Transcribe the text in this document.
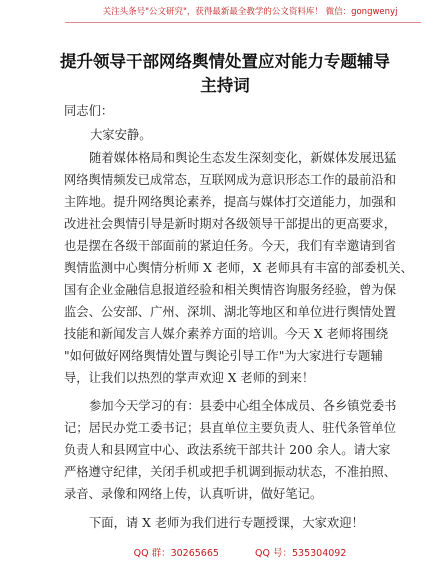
关注头条号"公文研究"，获得最新最全教学的公文资料库！ 微信：gongwenyj
提升领导干部网络舆情处置应对能力专题辅导
主持词
同志们：
大家安静。
随着媒体格局和舆论生态发生深刻变化，新媒体发展迅猛
网络舆情频发已成常态，互联网成为意识形态工作的最前沿和
主阵地。提升网络舆论素养，提高与媒体打交道能力，加强和
改进社会舆情引导是新时期对各级领导干部提出的更高要求，
也是摆在各级干部面前的紧迫任务。今天，我们有幸邀请到省
舆情监测中心舆情分析师 X 老师，X 老师具有丰富的部委机关、
国有企业金融信息报道经验和相关舆情咨询服务经验，曾为保
监会、公安部、广州、深圳、湖北等地区和单位进行舆情处置
技能和新闻发言人媒介素养方面的培训。今天 X 老师将围绕
"如何做好网络舆情处置与舆论引导工作"为大家进行专题辅
导，让我们以热烈的掌声欢迎 X 老师的到来！
参加今天学习的有：县委中心组全体成员、各乡镇党委书
记；居民办党工委书记；县直单位主要负责人、驻代条管单位
负责人和县网宣中心、政法系统干部共计 200 余人。请大家
严格遵守纪律，关闭手机或把手机调到振动状态，不准拍照、
录音、录像和网络上传，认真听讲，做好笔记。
下面，请 X 老师为我们进行专题授课，大家欢迎！
QQ 群：30265665	QQ 号：535304092
